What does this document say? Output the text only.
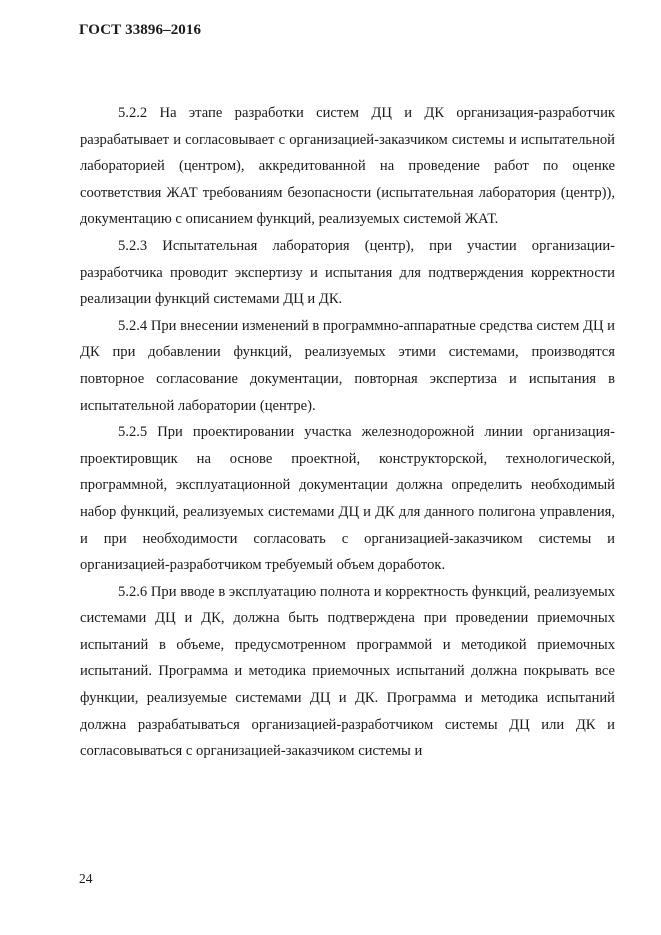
ГОСТ 33896–2016

5.2.2 На этапе разработки систем ДЦ и ДК организация-разработчик разрабатывает и согласовывает с организацией-заказчиком системы и испытательной лабораторией (центром), аккредитованной на проведение работ по оценке соответствия ЖАТ требованиям безопасности (испытательная лаборатория (центр)), документацию с описанием функций, реализуемых системой ЖАТ.

5.2.3 Испытательная лаборатория (центр), при участии организации-разработчика проводит экспертизу и испытания для подтверждения корректности реализации функций системами ДЦ и ДК.

5.2.4 При внесении изменений в программно-аппаратные средства систем ДЦ и ДК при добавлении функций, реализуемых этими системами, производятся повторное согласование документации, повторная экспертиза и испытания в испытательной лаборатории (центре).

5.2.5 При проектировании участка железнодорожной линии организация-проектировщик на основе проектной, конструкторской, технологической, программной, эксплуатационной документации должна определить необходимый набор функций, реализуемых системами ДЦ и ДК для данного полигона управления, и при необходимости согласовать с организацией-заказчиком системы и организацией-разработчиком требуемый объем доработок.

5.2.6 При вводе в эксплуатацию полнота и корректность функций, реализуемых системами ДЦ и ДК, должна быть подтверждена при проведении приемочных испытаний в объеме, предусмотренном программой и методикой приемочных испытаний. Программа и методика приемочных испытаний должна покрывать все функции, реализуемые системами ДЦ и ДК. Программа и методика испытаний должна разрабатываться организацией-разработчиком системы ДЦ или ДК и согласовываться с организацией-заказчиком системы и

24
